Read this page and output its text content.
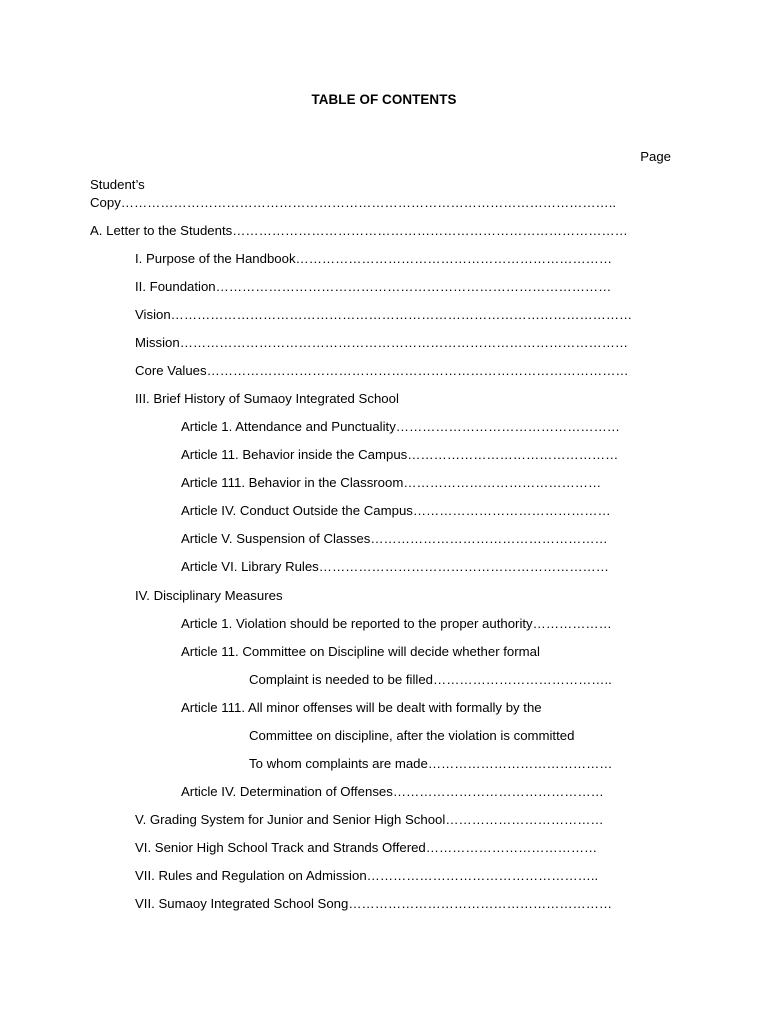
TABLE OF CONTENTS
Page
Student’s
Copy…………………………………………………………………………………………………..
A. Letter to the Students………………………………………………………………………………
I. Purpose of the Handbook………………………………………………………………
II. Foundation………………………………………………………………………………
Vision……………………………………………………………………………………………
Mission…………………………………………………………………………………………
Core Values……………………………………………………………………………………
III. Brief History of Sumaoy Integrated School
Article 1. Attendance and Punctuality……………………………………………
Article 11. Behavior inside the Campus…………………………………………
Article 111. Behavior in the Classroom………………………………………
Article IV. Conduct Outside the Campus………………………………………
Article V. Suspension of Classes………………………………………………
Article VI. Library Rules…………………………………………………………
IV. Disciplinary Measures
Article 1. Violation should be reported to the proper authority………………
Article 11. Committee on Discipline will decide whether formal
Complaint is needed to be filled…………………………………..
Article 111. All minor offenses will be dealt with formally by the
Committee on discipline, after the violation is committed
To whom complaints are made……………………………………
Article IV. Determination of Offenses…………………………………………
V. Grading System for Junior and Senior High School………………………………
VI. Senior High School Track and Strands Offered…………………………………
VII. Rules and Regulation on Admission……………………………………………..
VII. Sumaoy Integrated School Song……………………………………………………
